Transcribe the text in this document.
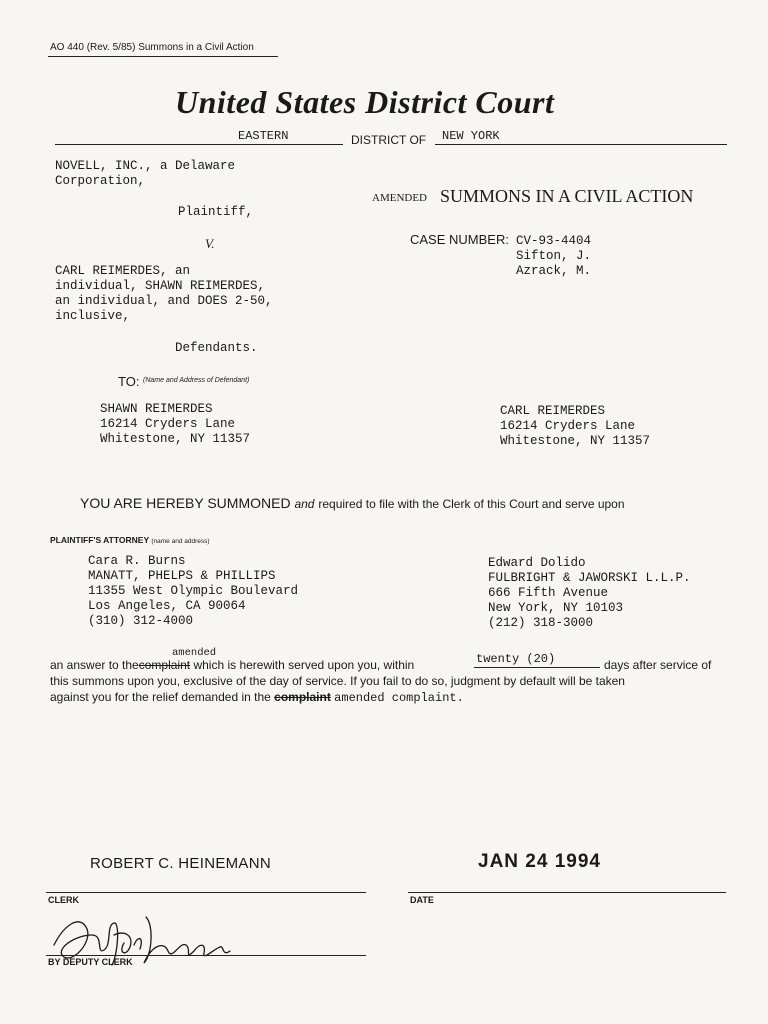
AO 440 (Rev. 5/85) Summons in a Civil Action
United States District Court
EASTERN	DISTRICT OF NEW YORK
NOVELL, INC., a Delaware
Corporation,
Plaintiff,
V.
CARL REIMERDES, an
individual, SHAWN REIMERDES,
an individual, and DOES 2-50,
inclusive,
Defendants.
AMENDED SUMMONS IN A CIVIL ACTION
CASE NUMBER: CV-93-4404
Sifton, J.
Azrack, M.
TO: (Name and Address of Defendant)
SHAWN REIMERDES
16214 Cryders Lane
Whitestone, NY 11357
CARL REIMERDES
16214 Cryders Lane
Whitestone, NY 11357
YOU ARE HEREBY SUMMONED and required to file with the Clerk of this Court and serve upon
PLAINTIFF'S ATTORNEY (name and address)
Cara R. Burns
MANATT, PHELPS & PHILLIPS
11355 West Olympic Boulevard
Los Angeles, CA 90064
(310) 312-4000
Edward Dolido
FULBRIGHT & JAWORSKI L.L.P.
666 Fifth Avenue
New York, NY 10103
(212) 318-3000
amended
an answer to thecomplaint which is herewith served upon you, within	twenty (20)	days after service of
this summons upon you, exclusive of the day of service. If you fail to do so, judgment by default will be taken
against you for the relief demanded in the complaint amended complaint.
ROBERT C. HEINEMANN	JAN 24 1994
CLERK	DATE
BY DEPUTY CLERK
